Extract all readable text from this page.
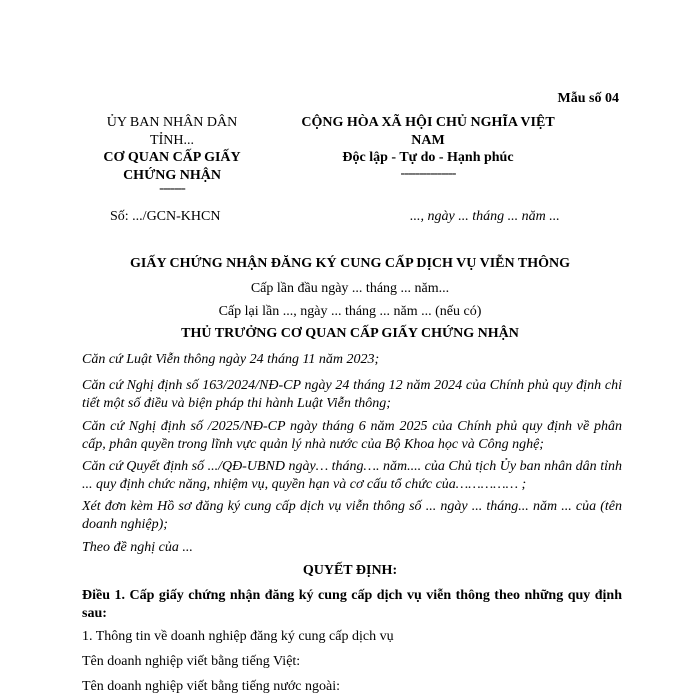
Mẫu số 04
ỦY BAN NHÂN DÂN
TỈNH...
CƠ QUAN CẤP GIẤY
CHỨNG NHẬN
-------
CỘNG HÒA XÃ HỘI CHỦ NGHĨA VIỆT
NAM
Độc lập - Tự do - Hạnh phúc
---------------
Số: .../GCN-KHCN	..., ngày ... tháng ... năm ...
GIẤY CHỨNG NHẬN ĐĂNG KÝ CUNG CẤP DỊCH VỤ VIỄN THÔNG
Cấp lần đầu ngày ... tháng ... năm...
Cấp lại lần ..., ngày ... tháng ... năm ... (nếu có)
THỦ TRƯỞNG CƠ QUAN CẤP GIẤY CHỨNG NHẬN
Căn cứ Luật Viễn thông ngày 24 tháng 11 năm 2023;
Căn cứ Nghị định số 163/2024/NĐ-CP ngày 24 tháng 12 năm 2024 của Chính phủ quy định chi tiết một số điều và biện pháp thi hành Luật Viễn thông;
Căn cứ Nghị định số /2025/NĐ-CP ngày tháng 6 năm 2025 của Chính phủ quy định về phân cấp, phân quyền trong lĩnh vực quản lý nhà nước của Bộ Khoa học và Công nghệ;
Căn cứ Quyết định số .../QĐ-UBND ngày… tháng…. năm.... của Chủ tịch Ủy ban nhân dân tỉnh ... quy định chức năng, nhiệm vụ, quyền hạn và cơ cấu tổ chức của…………… ;
Xét đơn kèm Hồ sơ đăng ký cung cấp dịch vụ viễn thông số ... ngày ... tháng... năm ... của (tên doanh nghiệp);
Theo đề nghị của ...
QUYẾT ĐỊNH:
Điều 1. Cấp giấy chứng nhận đăng ký cung cấp dịch vụ viễn thông theo những quy định sau:
1. Thông tin về doanh nghiệp đăng ký cung cấp dịch vụ
Tên doanh nghiệp viết bằng tiếng Việt:
Tên doanh nghiệp viết bằng tiếng nước ngoài:
